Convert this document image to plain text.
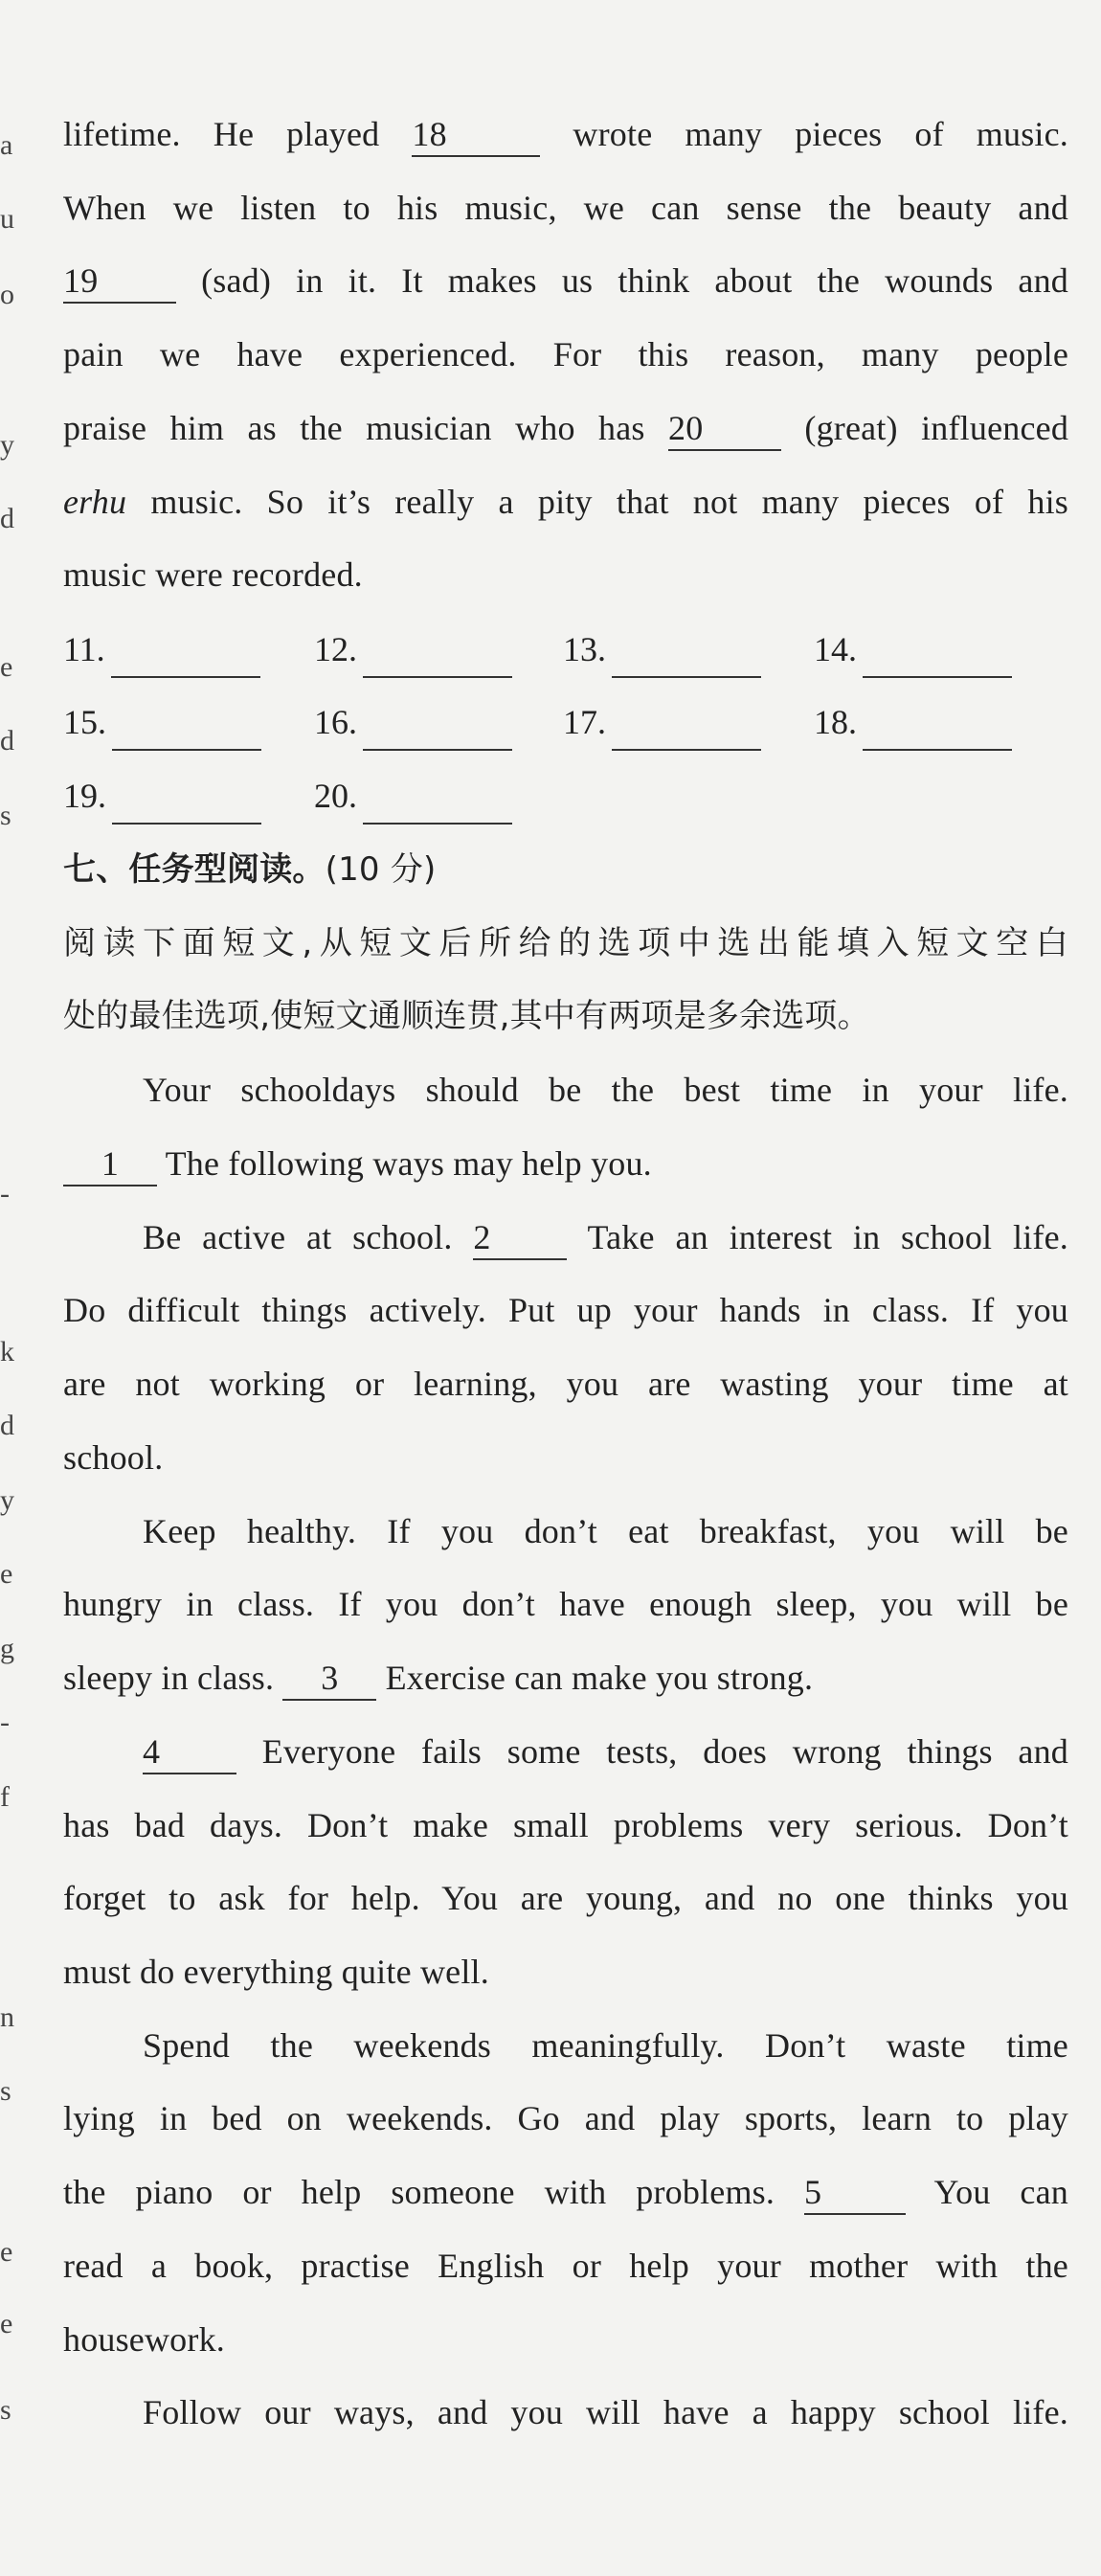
a
u
o
y
d
e
d
s
-
k
d
y
e
g
-
f
n
s
e
e
s
lifetime. He played 18	wrote many pieces of music.
When we listen to his music, we can sense the beauty and
19	(sad) in it. It makes us think about the wounds and
pain we have experienced. For this reason, many people
praise him as the musician who has 20	(great) influenced
erhu music. So it’s really a pity that not many pieces of his
music were recorded.
11.	12.	13.	14.
15.	16.	17.	18.
19.	20.
七、任务型阅读。(10 分)
阅读下面短文,从短文后所给的选项中选出能填入短文空白
处的最佳选项,使短文通顺连贯,其中有两项是多余选项。
Your schooldays should be the best time in your life.
1 The following ways may help you.
Be active at school. 2	Take an interest in school life.
Do difficult things actively. Put up your hands in class. If you
are not working or learning, you are wasting your time at
school.
Keep healthy. If you don’t eat breakfast, you will be
hungry in class. If you don’t have enough sleep, you will be
sleepy in class. 3 Exercise can make you strong.
4	Everyone fails some tests, does wrong things and
has bad days. Don’t make small problems very serious. Don’t
forget to ask for help. You are young, and no one thinks you
must do everything quite well.
Spend the weekends meaningfully. Don’t waste time
lying in bed on weekends. Go and play sports, learn to play
the piano or help someone with problems. 5	You can
read a book, practise English or help your mother with the
housework.
Follow our ways, and you will have a happy school life.
